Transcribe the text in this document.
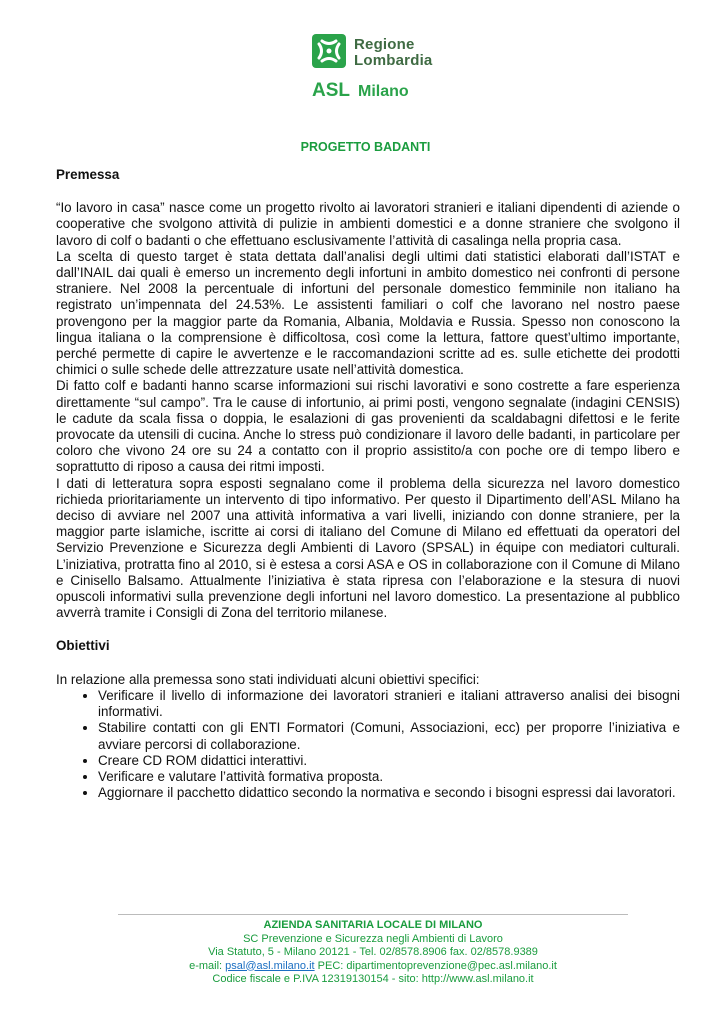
Regione
Lombardia
ASL Milano
PROGETTO BADANTI
Premessa

“Io lavoro in casa” nasce come un progetto rivolto ai lavoratori stranieri e italiani dipendenti di aziende o cooperative che svolgono attività di pulizie in ambienti domestici e a donne straniere che svolgono il lavoro di colf o badanti o che effettuano esclusivamente l’attività di casalinga nella propria casa.

La scelta di questo target è stata dettata dall’analisi degli ultimi dati statistici elaborati dall’ISTAT e dall’INAIL dai quali è emerso un incremento degli infortuni in ambito domestico nei confronti di persone straniere. Nel 2008 la percentuale di infortuni del personale domestico femminile non italiano ha registrato un’impennata del 24.53%. Le assistenti familiari o colf che lavorano nel nostro paese provengono per la maggior parte da Romania, Albania, Moldavia e Russia. Spesso non conoscono la lingua italiana o la comprensione è difficoltosa, così come la lettura, fattore quest’ultimo importante, perché permette di capire le avvertenze e le raccomandazioni scritte ad es. sulle etichette dei prodotti chimici o sulle schede delle attrezzature usate nell’attività domestica.

Di fatto colf e badanti hanno scarse informazioni sui rischi lavorativi e sono costrette a fare esperienza direttamente “sul campo”. Tra le cause di infortunio, ai primi posti, vengono segnalate (indagini CENSIS) le cadute da scala fissa o doppia, le esalazioni di gas provenienti da scaldabagni difettosi e le ferite provocate da utensili di cucina. Anche lo stress può condizionare il lavoro delle badanti, in particolare per coloro che vivono 24 ore su 24 a contatto con il proprio assistito/a con poche ore di tempo libero e soprattutto di riposo a causa dei ritmi imposti.

I dati di letteratura sopra esposti segnalano come il problema della sicurezza nel lavoro domestico richieda prioritariamente un intervento di tipo informativo. Per questo il Dipartimento dell’ASL Milano ha deciso di avviare nel 2007 una attività informativa a vari livelli, iniziando con donne straniere, per la maggior parte islamiche, iscritte ai corsi di italiano del Comune di Milano ed effettuati da operatori del Servizio Prevenzione e Sicurezza degli Ambienti di Lavoro (SPSAL) in équipe con mediatori culturali. L’iniziativa, protratta fino al 2010, si è estesa a corsi ASA e OS in collaborazione con il Comune di Milano e Cinisello Balsamo. Attualmente l’iniziativa è stata ripresa con l’elaborazione e la stesura di nuovi opuscoli informativi sulla prevenzione degli infortuni nel lavoro domestico. La presentazione al pubblico avverrà tramite i Consigli di Zona del territorio milanese.

Obiettivi

In relazione alla premessa sono stati individuati alcuni obiettivi specifici:

• Verificare il livello di informazione dei lavoratori stranieri e italiani attraverso analisi dei bisogni informativi.
• Stabilire contatti con gli ENTI Formatori (Comuni, Associazioni, ecc) per proporre l’iniziativa e avviare percorsi di collaborazione.
• Creare CD ROM didattici interattivi.
• Verificare e valutare l’attività formativa proposta.
• Aggiornare il pacchetto didattico secondo la normativa e secondo i bisogni espressi dai lavoratori.
AZIENDA SANITARIA LOCALE DI MILANO
SC Prevenzione e Sicurezza negli Ambienti di Lavoro
Via Statuto, 5 - Milano 20121 - Tel. 02/8578.8906 fax. 02/8578.9389
e-mail: psal@asl.milano.it PEC: dipartimentoprevenzione@pec.asl.milano.it
Codice fiscale e P.IVA 12319130154 - sito: http://www.asl.milano.it
